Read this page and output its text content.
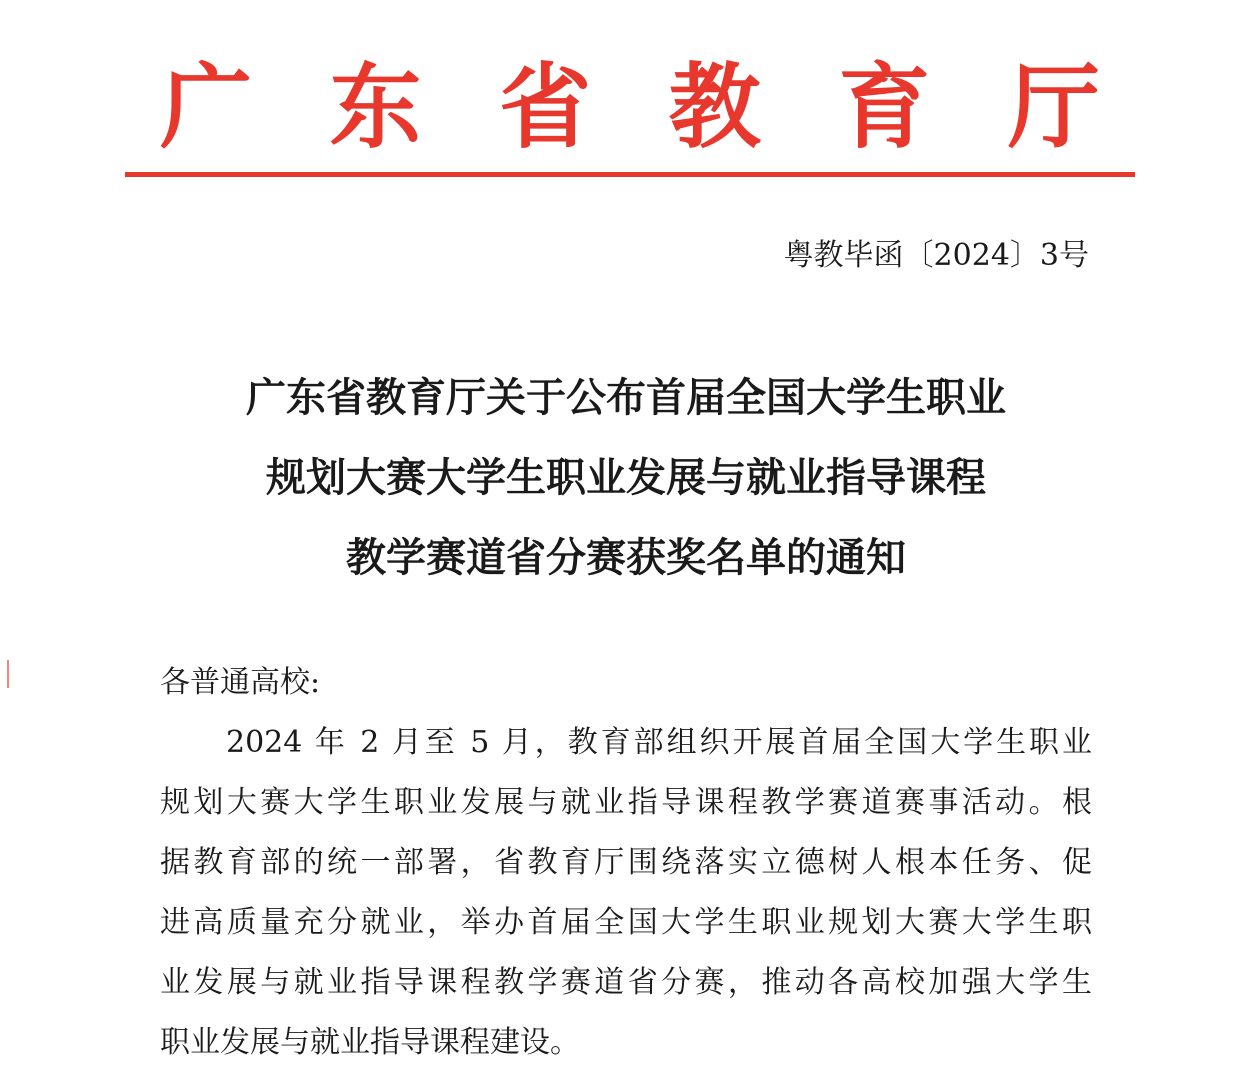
广 东 省 教 育 厅
粤教毕函〔2024〕3号
广东省教育厅关于公布首届全国大学生职业
规划大赛大学生职业发展与就业指导课程
教学赛道省分赛获奖名单的通知
各普通高校:
2024 年 2 月至 5 月，教育部组织开展首届全国大学生职业
规划大赛大学生职业发展与就业指导课程教学赛道赛事活动。根
据教育部的统一部署，省教育厅围绕落实立德树人根本任务、促
进高质量充分就业，举办首届全国大学生职业规划大赛大学生职
业发展与就业指导课程教学赛道省分赛，推动各高校加强大学生
职业发展与就业指导课程建设。
